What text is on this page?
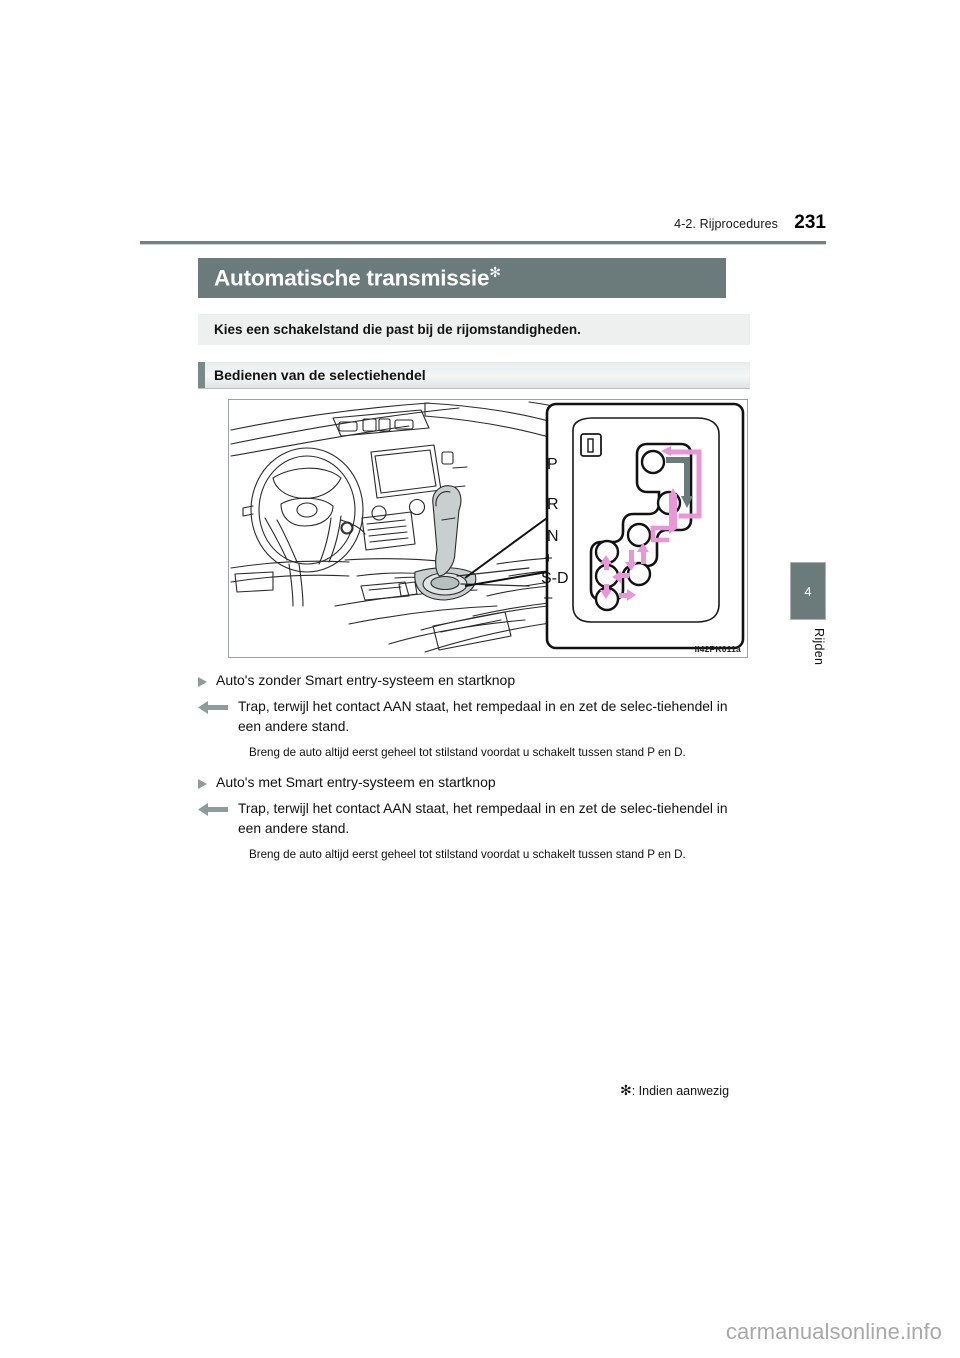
4-2. Rijprocedures 231
Automatische transmissie✻
Kies een schakelstand die past bij de rijomstandigheden.
Bedienen van de selectiehendel
P
R
N
+
S-D
–
II42PK011a
Auto's zonder Smart entry-systeem en startknop
Trap, terwijl het contact AAN staat, het rempedaal in en zet de selec-tiehendel in een andere stand.
Breng de auto altijd eerst geheel tot stilstand voordat u schakelt tussen stand P en D.
Auto's met Smart entry-systeem en startknop
Trap, terwijl het contact AAN staat, het rempedaal in en zet de selec-tiehendel in een andere stand.
Breng de auto altijd eerst geheel tot stilstand voordat u schakelt tussen stand P en D.
✻: Indien aanwezig
4
Rijden
carmanualsonline.info
